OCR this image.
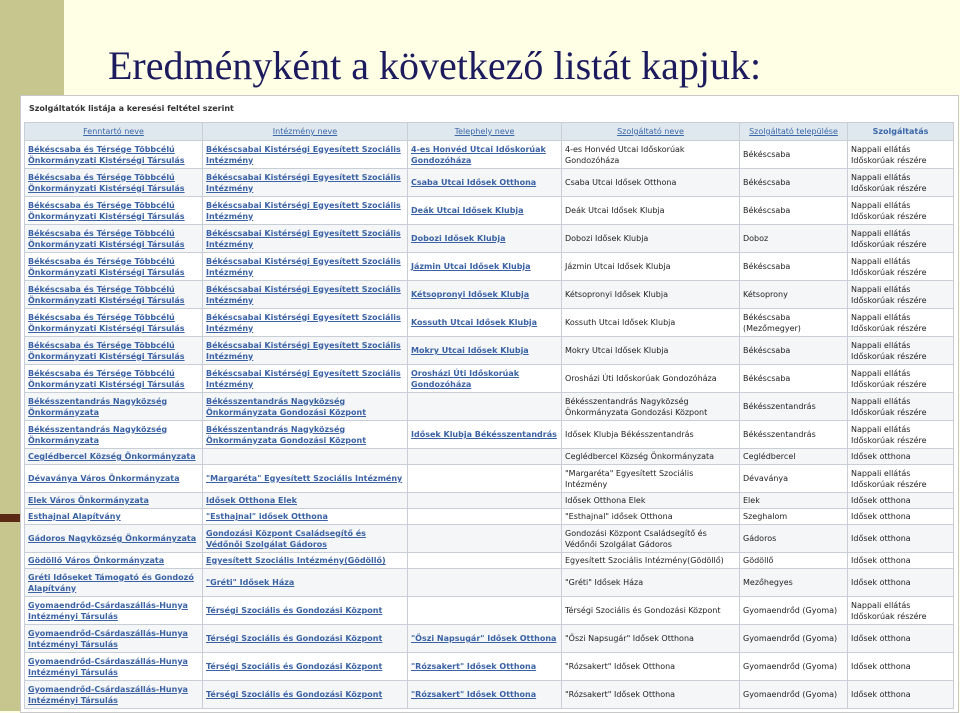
Eredményként a következő listát kapjuk:
Szolgáltatók listája a keresési feltétel szerint
Fenntartó neve	Intézmény neve	Telephely neve	Szolgáltató neve	Szolgáltató települése	Szolgáltatás
Békéscsaba és Térsége Többcélú Önkormányzati Kistérségi Társulás	Békéscsabai Kistérségi Egyesített Szociális Intézmény	4-es Honvéd Utcai Időskorúak Gondozóháza	4-es Honvéd Utcai Időskorúak Gondozóháza	Békéscsaba	Nappali ellátás Időskorúak részére
Békéscsaba és Térsége Többcélú Önkormányzati Kistérségi Társulás	Békéscsabai Kistérségi Egyesített Szociális Intézmény	Csaba Utcai Idősek Otthona	Csaba Utcai Idősek Otthona	Békéscsaba	Nappali ellátás Időskorúak részére
Békéscsaba és Térsége Többcélú Önkormányzati Kistérségi Társulás	Békéscsabai Kistérségi Egyesített Szociális Intézmény	Deák Utcai Idősek Klubja	Deák Utcai Idősek Klubja	Békéscsaba	Nappali ellátás Időskorúak részére
Békéscsaba és Térsége Többcélú Önkormányzati Kistérségi Társulás	Békéscsabai Kistérségi Egyesített Szociális Intézmény	Dobozi Idősek Klubja	Dobozi Idősek Klubja	Doboz	Nappali ellátás Időskorúak részére
Békéscsaba és Térsége Többcélú Önkormányzati Kistérségi Társulás	Békéscsabai Kistérségi Egyesített Szociális Intézmény	Jázmin Utcai Idősek Klubja	Jázmin Utcai Idősek Klubja	Békéscsaba	Nappali ellátás Időskorúak részére
Békéscsaba és Térsége Többcélú Önkormányzati Kistérségi Társulás	Békéscsabai Kistérségi Egyesített Szociális Intézmény	Kétsopronyi Idősek Klubja	Kétsopronyi Idősek Klubja	Kétsoprony	Nappali ellátás Időskorúak részére
Békéscsaba és Térsége Többcélú Önkormányzati Kistérségi Társulás	Békéscsabai Kistérségi Egyesített Szociális Intézmény	Kossuth Utcai Idősek Klubja	Kossuth Utcai Idősek Klubja	Békéscsaba (Mezőmegyer)	Nappali ellátás Időskorúak részére
Békéscsaba és Térsége Többcélú Önkormányzati Kistérségi Társulás	Békéscsabai Kistérségi Egyesített Szociális Intézmény	Mokry Utcai Idősek Klubja	Mokry Utcai Idősek Klubja	Békéscsaba	Nappali ellátás Időskorúak részére
Békéscsaba és Térsége Többcélú Önkormányzati Kistérségi Társulás	Békéscsabai Kistérségi Egyesített Szociális Intézmény	Orosházi Úti Időskorúak Gondozóháza	Orosházi Úti Időskorúak Gondozóháza	Békéscsaba	Nappali ellátás Időskorúak részére
Békésszentandrás Nagyközség Önkormányzata	Békésszentandrás Nagyközség Önkormányzata Gondozási Központ		Békésszentandrás Nagyközség Önkormányzata Gondozási Központ	Békésszentandrás	Nappali ellátás Időskorúak részére
Békésszentandrás Nagyközség Önkormányzata	Békésszentandrás Nagyközség Önkormányzata Gondozási Központ	Idősek Klubja Békésszentandrás	Idősek Klubja Békésszentandrás	Békésszentandrás	Nappali ellátás Időskorúak részére
Ceglédbercel Község Önkormányzata			Ceglédbercel Község Önkormányzata	Ceglédbercel	Idősek otthona
Dévaványa Város Önkormányzata	"Margaréta" Egyesített Szociális Intézmény		"Margaréta" Egyesített Szociális Intézmény	Dévaványa	Nappali ellátás Időskorúak részére
Elek Város Önkormányzata	Idősek Otthona Elek		Idősek Otthona Elek	Elek	Idősek otthona
Esthajnal Alapítvány	"Esthajnal" idősek Otthona		"Esthajnal" idősek Otthona	Szeghalom	Idősek otthona
Gádoros Nagyközség Önkormányzata	Gondozási Központ Családsegítő és Védőnői Szolgálat Gádoros		Gondozási Központ Családsegítő és Védőnői Szolgálat Gádoros	Gádoros	Idősek otthona
Gödöllő Város Önkormányzata	Egyesített Szociális Intézmény(Gödöllő)		Egyesített Szociális Intézmény(Gödöllő)	Gödöllő	Idősek otthona
Gréti Időseket Támogató és Gondozó Alapítvány	"Gréti" Idősek Háza		"Gréti" Idősek Háza	Mezőhegyes	Idősek otthona
Gyomaendrőd-Csárdaszállás-Hunya Intézményi Társulás	Térségi Szociális és Gondozási Központ		Térségi Szociális és Gondozási Központ	Gyomaendrőd (Gyoma)	Nappali ellátás Időskorúak részére
Gyomaendrőd-Csárdaszállás-Hunya Intézményi Társulás	Térségi Szociális és Gondozási Központ	"Őszi Napsugár" Idősek Otthona	"Őszi Napsugár" Idősek Otthona	Gyomaendrőd (Gyoma)	Idősek otthona
Gyomaendrőd-Csárdaszállás-Hunya Intézményi Társulás	Térségi Szociális és Gondozási Központ	"Rózsakert" Idősek Otthona	"Rózsakert" Idősek Otthona	Gyomaendrőd (Gyoma)	Idősek otthona
Gyomaendrőd-Csárdaszállás-Hunya Intézményi Társulás	Térségi Szociális és Gondozási Központ	"Rózsakert" Idősek Otthona	"Rózsakert" Idősek Otthona	Gyomaendrőd (Gyoma)	Idősek otthona
